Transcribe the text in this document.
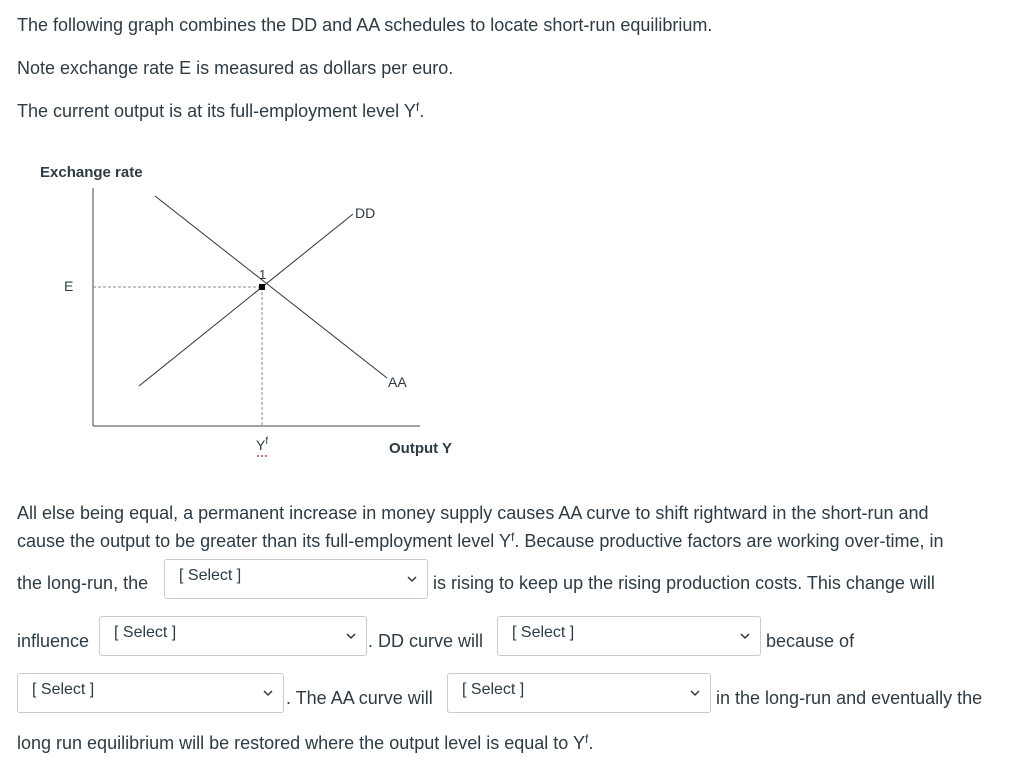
The following graph combines the DD and AA schedules to locate short-run equilibrium.
Note exchange rate E is measured as dollars per euro.
The current output is at its full-employment level $Y^f$.
Exchange rate
E
DD
AA
1
$Y^f$	Output Y
All else being equal, a permanent increase in money supply causes AA curve to shift rightward in the short-run and
cause the output to be greater than its full-employment level $Y^f$. Because productive factors are working over-time, in
the long-run, the	[ Select ]	is rising to keep up the rising production costs. This change will
influence	[ Select ]	. DD curve will	[ Select ]	because of
[ Select ]	. The AA curve will	[ Select ]	in the long-run and eventually the
long run equilibrium will be restored where the output level is equal to $Y^f$.
